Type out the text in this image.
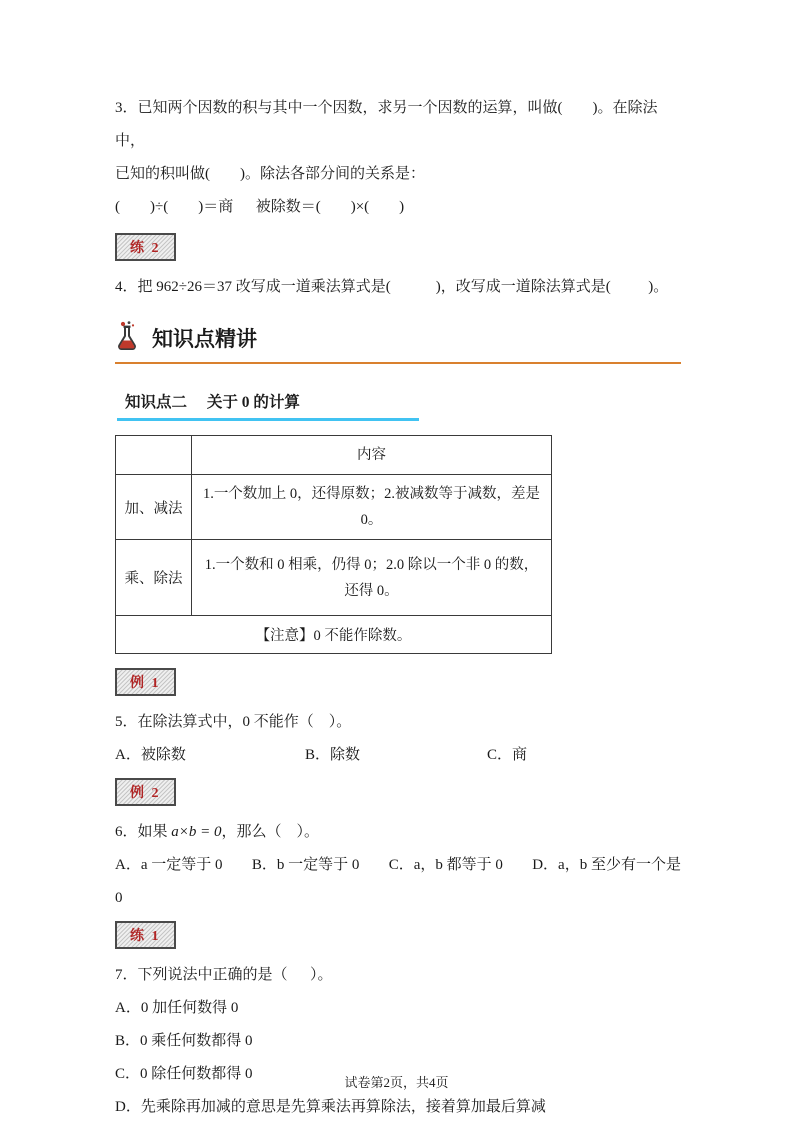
3．已知两个因数的积与其中一个因数，求另一个因数的运算，叫做(        )。在除法中，

已知的积叫做(        )。除法各部分间的关系是：

(        )÷(        )＝商      被除数＝(        )×(        )

练 2

4．把 962÷26＝37 改写成一道乘法算式是(            )，改写成一道除法算式是(          )。

知识点精讲
知识点二 关于 0 的计算
	内容
加、减法	1.一个数加上 0，还得原数；2.被减数等于减数，差是 0。
乘、除法	1.一个数和 0 相乘，仍得 0；2.0 除以一个非 0 的数，还得 0。
【注意】0 不能作除数。	
例 1

5．在除法算式中，0 不能作（    ）。

A．被除数	B．除数	C．商
例 2

6．如果 a×b = 0，那么（    ）。

A．a 一定等于 0 B．b 一定等于 0 C．a，b 都等于 0 D．a，b 至少有一个是

0

练 1

7．下列说法中正确的是（      ）。

A．0 加任何数得 0

B．0 乘任何数都得 0

C．0 除任何数都得 0

D．先乘除再加减的意思是先算乘法再算除法，接着算加最后算减

试卷第2页，共4页
